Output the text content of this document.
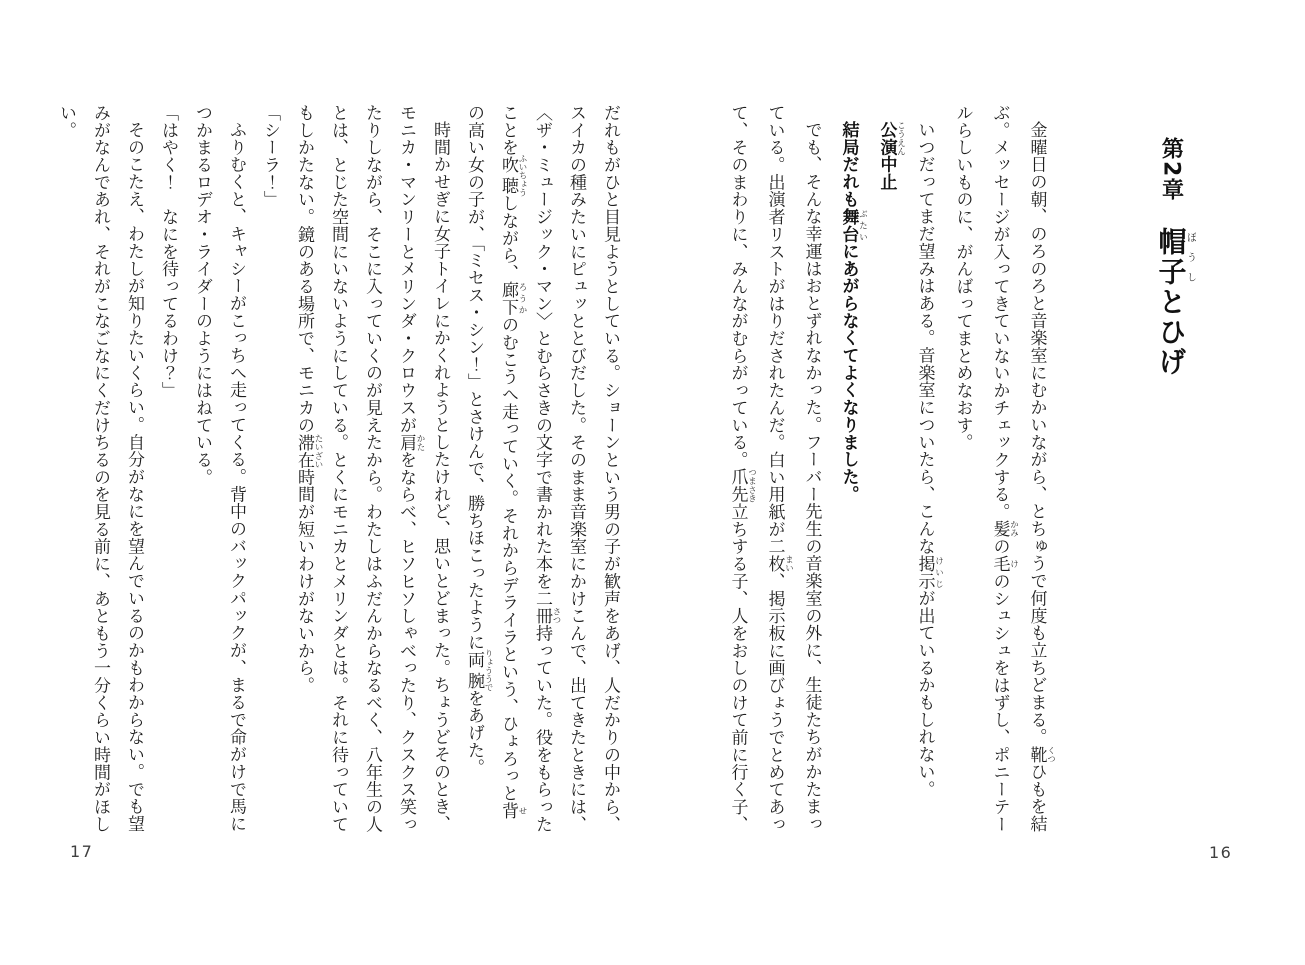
第2章 帽子ぼうしとひげ

金曜日の朝、のろのろと音楽室にむかいながら、とちゅうで何度も立ちどまる。靴 くつひもを結ぶ。メッセージが入ってきていないかチェックする。髪 かみの毛 けのシュシュをはずし、ポニーテールらしいものに、がんばってまとめなおす。

いつだってまだ望みはある。音楽室についたら、こんな掲示 けいじが出ているかもしれない。

公演 こうえん中止

結局だれも舞台 ぶたいにあがらなくてよくなりました。

でも、そんな幸運はおとずれなかった。フーバー先生の音楽室の外に、生徒たちがかたまっている。出演者リストがはりだされたんだ。白い用紙が二枚 まい、掲示板に画びょうでとめてあって、そのまわりに、みんながむらがっている。爪先 つまさき立ちする子、人をおしのけて前に行く子、

だれもがひと目見ようとしている。ショーンという男の子が歓声をあげ、人だかりの中から、スイカの種みたいにピュッととびだした。そのまま音楽室にかけこんで、出てきたときには、〈ザ・ミュージック・マン〉とむらさきの文字で書かれた本を二冊 さつ持っていた。役をもらったことを吹聴 ふいちょうしながら、廊下 ろうかのむこうへ走っていく。それからデライラという、ひょろっと背 せの高い女の子が、「ミセス・シン！」とさけんで、勝ちほこったように両腕 りょううでをあげた。

時間かせぎに女子トイレにかくれようとしたけれど、思いとどまった。ちょうどそのとき、モニカ・マンリーとメリンダ・クロウスが肩 かたをならべ、ヒソヒソしゃべったり、クスクス笑ったりしながら、そこに入っていくのが見えたから。わたしはふだんからなるべく、八年生の人とは、とじた空間にいないようにしている。とくにモニカとメリンダとは。それに待っていてもしかたない。鏡のある場所で、モニカの滞在 たいざい時間が短いわけがないから。

「シーラ！」

ふりむくと、キャシーがこっちへ走ってくる。背中のバックパックが、まるで命がけで馬につかまるロデオ・ライダーのようにはねている。

「はやく！　なにを待ってるわけ？」

そのこたえ、わたしが知りたいくらい。自分がなにを望んでいるのかもわからない。でも望みがなんであれ、それがこなごなにくだけちるのを見る前に、あともう一分くらい時間がほしい。

17	16
